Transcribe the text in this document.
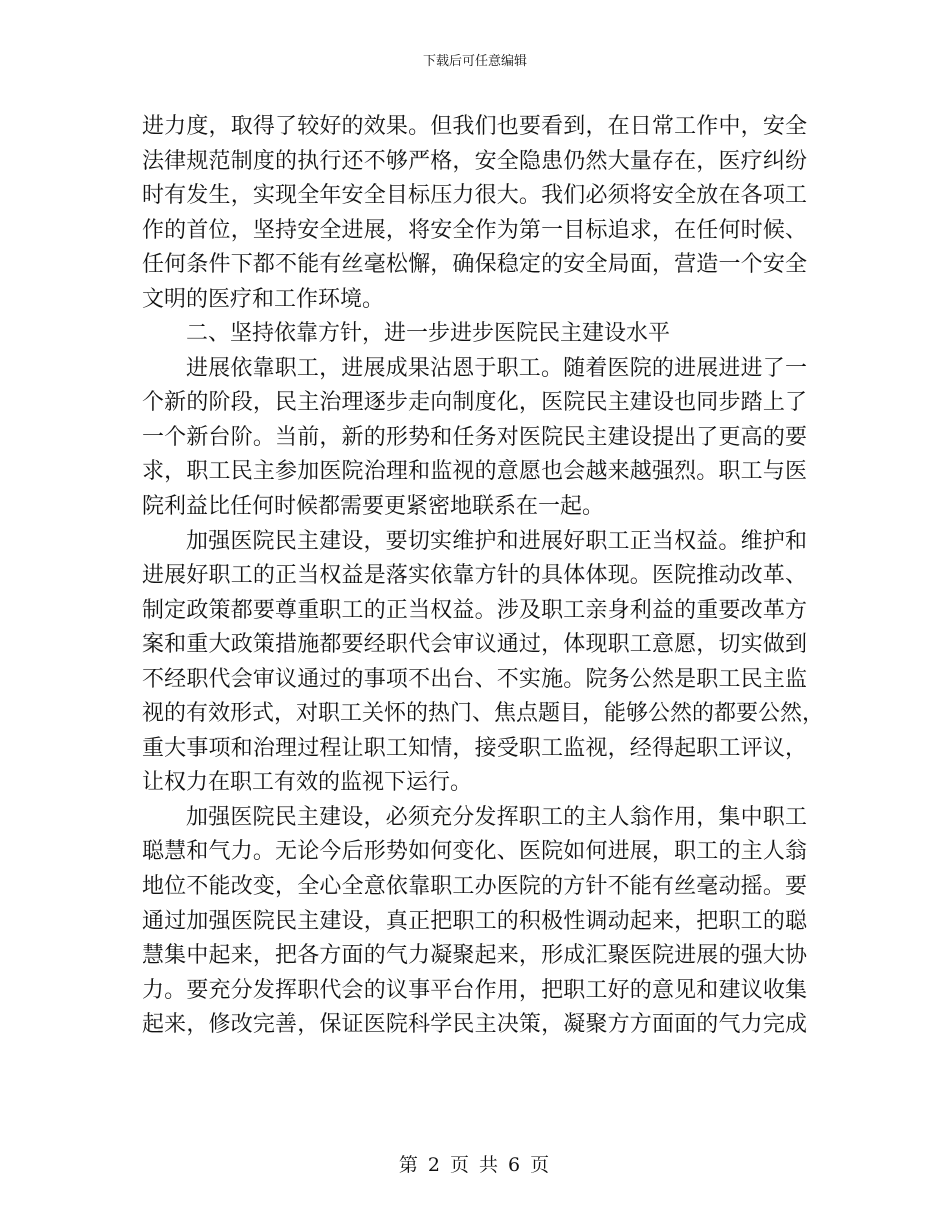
下载后可任意编辑
进力度，取得了较好的效果。但我们也要看到，在日常工作中，安全
法律规范制度的执行还不够严格，安全隐患仍然大量存在，医疗纠纷
时有发生，实现全年安全目标压力很大。我们必须将安全放在各项工
作的首位，坚持安全进展，将安全作为第一目标追求，在任何时候、
任何条件下都不能有丝毫松懈，确保稳定的安全局面，营造一个安全
文明的医疗和工作环境。
二、坚持依靠方针，进一步进步医院民主建设水平
进展依靠职工，进展成果沾恩于职工。随着医院的进展进进了一
个新的阶段，民主治理逐步走向制度化，医院民主建设也同步踏上了
一个新台阶。当前，新的形势和任务对医院民主建设提出了更高的要
求，职工民主参加医院治理和监视的意愿也会越来越强烈。职工与医
院利益比任何时候都需要更紧密地联系在一起。
加强医院民主建设，要切实维护和进展好职工正当权益。维护和
进展好职工的正当权益是落实依靠方针的具体体现。医院推动改革、
制定政策都要尊重职工的正当权益。涉及职工亲身利益的重要改革方
案和重大政策措施都要经职代会审议通过，体现职工意愿，切实做到
不经职代会审议通过的事项不出台、不实施。院务公然是职工民主监
视的有效形式，对职工关怀的热门、焦点题目，能够公然的都要公然，
重大事项和治理过程让职工知情，接受职工监视，经得起职工评议，
让权力在职工有效的监视下运行。
加强医院民主建设，必须充分发挥职工的主人翁作用，集中职工
聪慧和气力。无论今后形势如何变化、医院如何进展，职工的主人翁
地位不能改变，全心全意依靠职工办医院的方针不能有丝毫动摇。要
通过加强医院民主建设，真正把职工的积极性调动起来，把职工的聪
慧集中起来，把各方面的气力凝聚起来，形成汇聚医院进展的强大协
力。要充分发挥职代会的议事平台作用，把职工好的意见和建议收集
起来，修改完善，保证医院科学民主决策，凝聚方方面面的气力完成
第 2 页 共 6 页
